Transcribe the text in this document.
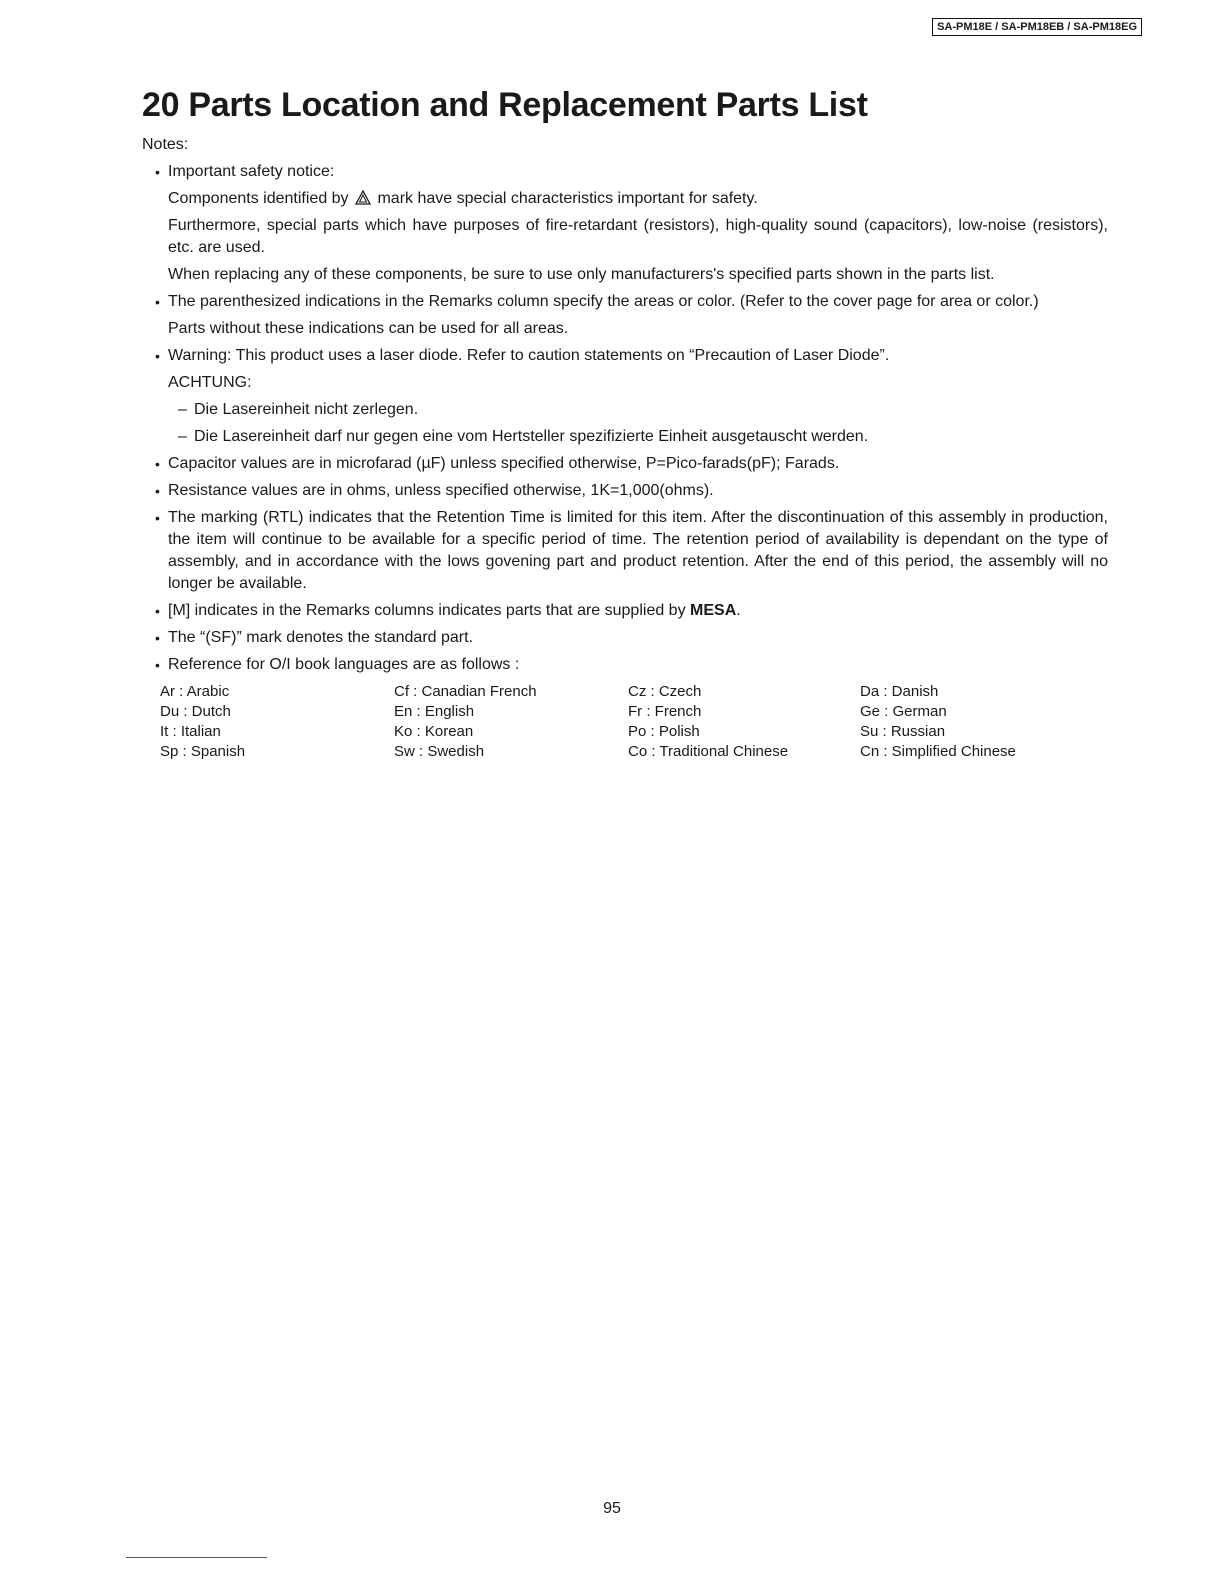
SA-PM18E / SA-PM18EB / SA-PM18EG
20 Parts Location and Replacement Parts List

Notes:

• Important safety notice:

Components identified by mark have special characteristics important for safety.

Furthermore, special parts which have purposes of fire-retardant (resistors), high-quality sound (capacitors), low-noise (resistors), etc. are used.

When replacing any of these components, be sure to use only manufacturers's specified parts shown in the parts list.

• The parenthesized indications in the Remarks column specify the areas or color. (Refer to the cover page for area or color.)

Parts without these indications can be used for all areas.

• Warning: This product uses a laser diode. Refer to caution statements on “Precaution of Laser Diode”.

ACHTUNG:

– Die Lasereinheit nicht zerlegen.

– Die Lasereinheit darf nur gegen eine vom Hertsteller spezifizierte Einheit ausgetauscht werden.

• Capacitor values are in microfarad (µF) unless specified otherwise, P=Pico-farads(pF); Farads.

• Resistance values are in ohms, unless specified otherwise, 1K=1,000(ohms).

• The marking (RTL) indicates that the Retention Time is limited for this item. After the discontinuation of this assembly in production, the item will continue to be available for a specific period of time. The retention period of availability is dependant on the type of assembly, and in accordance with the lows govening part and product retention. After the end of this period, the assembly will no longer be available.

• [M] indicates in the Remarks columns indicates parts that are supplied by MESA.

• The “(SF)” mark denotes the standard part.

• Reference for O/I book languages are as follows :

Ar : Arabic	Cf : Canadian French	Cz : Czech	Da : Danish
Du : Dutch	En : English	Fr : French	Ge : German
It : Italian	Ko : Korean	Po : Polish	Su : Russian
Sp : Spanish	Sw : Swedish	Co : Traditional Chinese	Cn : Simplified Chinese
95
